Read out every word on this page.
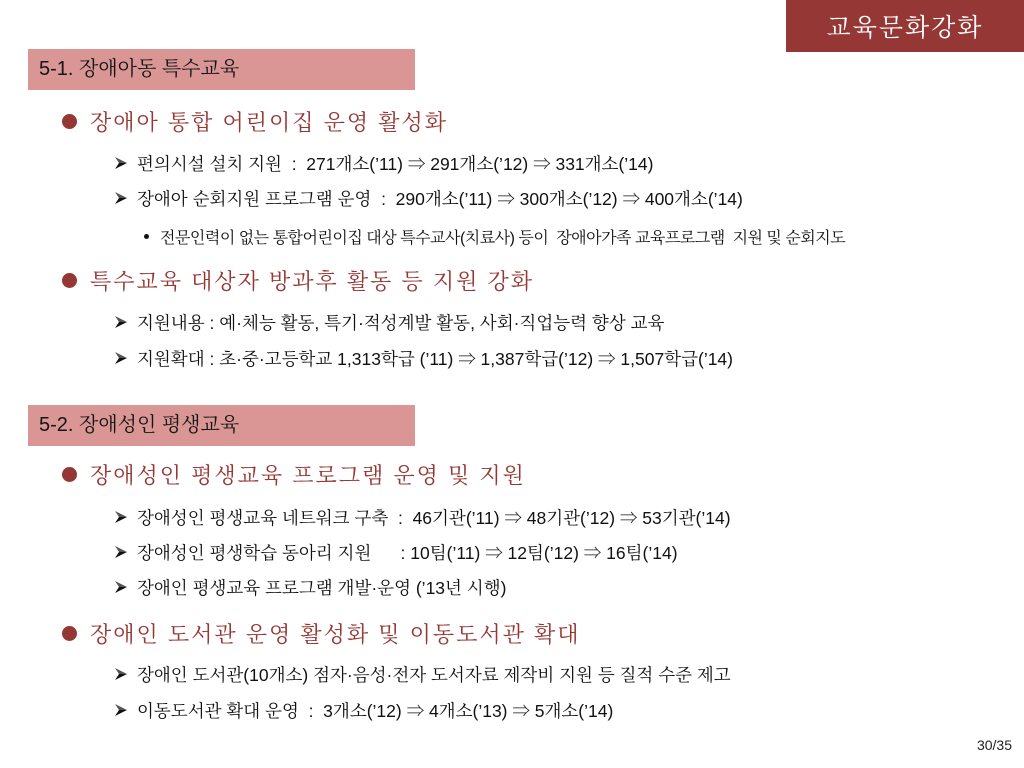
교육문화강화
5-1. 장애아동 특수교육
장애아 통합 어린이집 운영 활성화
편의시설 설치 지원  :  271개소(’11) ⇒ 291개소(’12) ⇒ 331개소(’14)
장애아 순회지원 프로그램 운영  :  290개소(’11) ⇒ 300개소(’12) ⇒ 400개소(’14)
전문인력이 없는 통합어린이집 대상 특수교사(치료사) 등이  장애아가족 교육프로그램  지원 및 순회지도
특수교육 대상자 방과후 활동 등 지원 강화
지원내용 : 예·체능 활동, 특기·적성계발 활동, 사회·직업능력 향상 교육
지원확대 : 초·중·고등학교 1,313학급 (’11) ⇒ 1,387학급(’12) ⇒ 1,507학급(’14)
5-2. 장애성인 평생교육
장애성인 평생교육 프로그램 운영 및 지원
장애성인 평생교육 네트워크 구축  :  46기관(’11) ⇒ 48기관(’12) ⇒ 53기관(’14)
장애성인 평생학습 동아리 지원      : 10팀(’11) ⇒ 12팀(’12) ⇒ 16팀(’14)
장애인 평생교육 프로그램 개발·운영 (’13년 시행)
장애인 도서관 운영 활성화 및 이동도서관 확대
장애인 도서관(10개소) 점자·음성·전자 도서자료 제작비 지원 등 질적 수준 제고
이동도서관 확대 운영  :  3개소(’12) ⇒ 4개소(’13) ⇒ 5개소(’14)
30/35
